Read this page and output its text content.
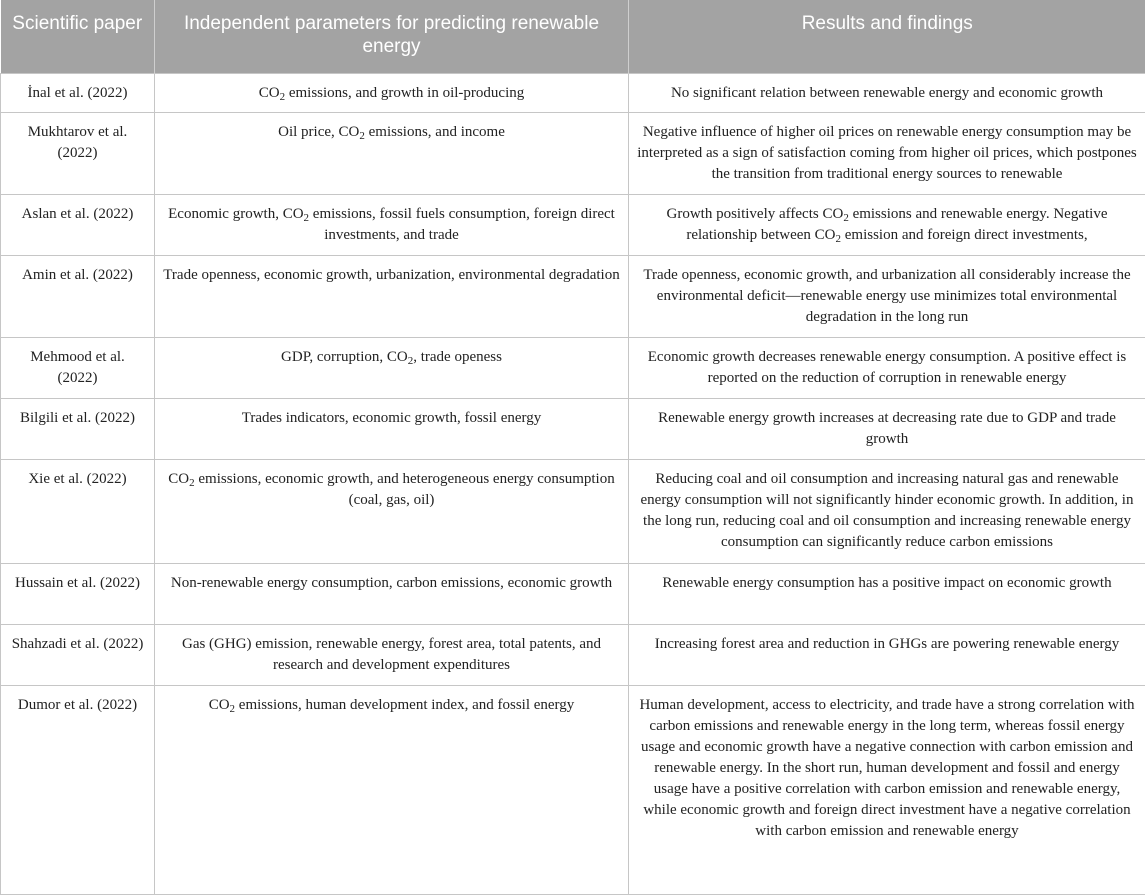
Scientific paper	Independent parameters for predicting renewable energy	Results and findings
İnal et al. (2022)	$CO_2$ emissions, and growth in oil-producing	No significant relation between renewable energy and economic growth
Mukhtarov et al. (2022)	Oil price, $CO_2$ emissions, and income	Negative influence of higher oil prices on renewable energy consumption may be interpreted as a sign of satisfaction coming from higher oil prices, which postpones the transition from traditional energy sources to renewable
Aslan et al. (2022)	Economic growth, $CO_2$ emissions, fossil fuels consumption, foreign direct investments, and trade	Growth positively affects $CO_2$ emissions and renewable energy. Negative relationship between $CO_2$ emission and foreign direct investments,
Amin et al. (2022)	Trade openness, economic growth, urbanization, environmental degradation	Trade openness, economic growth, and urbanization all considerably increase the environmental deficit—renewable energy use minimizes total environmental degradation in the long run
Mehmood et al. (2022)	GDP, corruption, $CO_2$, trade openess	Economic growth decreases renewable energy consumption. A positive effect is reported on the reduction of corruption in renewable energy
Bilgili et al. (2022)	Trades indicators, economic growth, fossil energy	Renewable energy growth increases at decreasing rate due to GDP and trade growth
Xie et al. (2022)	$CO_2$ emissions, economic growth, and heterogeneous energy consumption (coal, gas, oil)	Reducing coal and oil consumption and increasing natural gas and renewable energy consumption will not significantly hinder economic growth. In addition, in the long run, reducing coal and oil consumption and increasing renewable energy consumption can significantly reduce carbon emissions
Hussain et al. (2022)	Non-renewable energy consumption, carbon emissions, economic growth	Renewable energy consumption has a positive impact on economic growth
Shahzadi et al. (2022)	Gas (GHG) emission, renewable energy, forest area, total patents, and research and development expenditures	Increasing forest area and reduction in GHGs are powering renewable energy
Dumor et al. (2022)	$CO_2$ emissions, human development index, and fossil energy	Human development, access to electricity, and trade have a strong correlation with carbon emissions and renewable energy in the long term, whereas fossil energy usage and economic growth have a negative connection with carbon emission and renewable energy. In the short run, human development and fossil and energy usage have a positive correlation with carbon emission and renewable energy, while economic growth and foreign direct investment have a negative correlation with carbon emission and renewable energy
